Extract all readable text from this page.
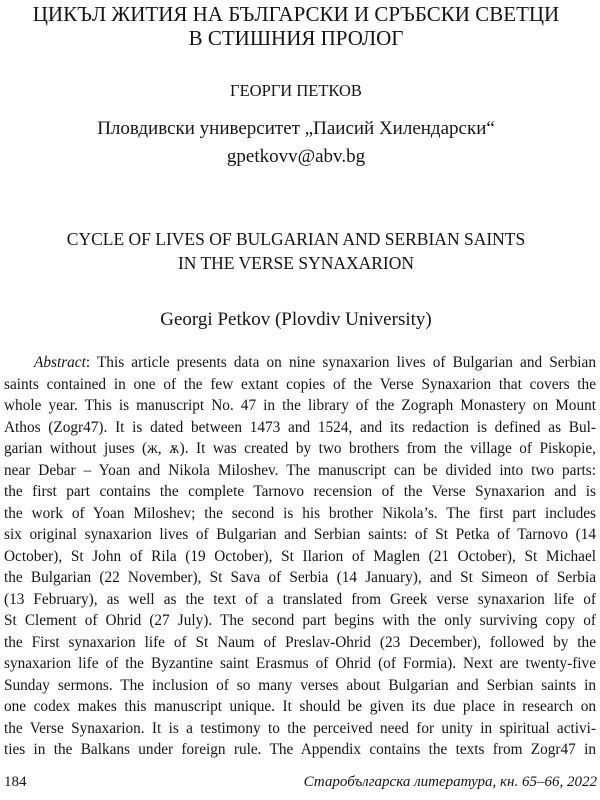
ЦИКЪЛ ЖИТИЯ НА БЪЛГАРСКИ И СРЪБСКИ СВЕТЦИ
В СТИШНИЯ ПРОЛОГ
ГЕОРГИ ПЕТКОВ
Пловдивски университет „Паисий Хилендарски“
gpetkovv@abv.bg
CYCLE OF LIVES OF BULGARIAN AND SERBIAN SAINTS
IN THE VERSE SYNAXARION
Georgi Petkov (Plovdiv University)
Abstract: This article presents data on nine synaxarion lives of Bulgarian and Serbian
saints contained in one of the few extant copies of the Verse Synaxarion that covers the
whole year. This is manuscript No. 47 in the library of the Zograph Monastery on Mount
Athos (Zogr47). It is dated between 1473 and 1524, and its redaction is defined as Bul-
garian without juses (ж, ѫ). It was created by two brothers from the village of Piskopie,
near Debar – Yoan and Nikola Miloshev. The manuscript can be divided into two parts:
the first part contains the complete Tarnovo recension of the Verse Synaxarion and is
the work of Yoan Miloshev; the second is his brother Nikola’s. The first part includes
six original synaxarion lives of Bulgarian and Serbian saints: of St Petka of Tarnovo (14
October), St John of Rila (19 October), St Ilarion of Maglen (21 October), St Michael
the Bulgarian (22 November), St Sava of Serbia (14 January), and St Simeon of Serbia
(13 February), as well as the text of a translated from Greek verse synaxarion life of
St Clement of Ohrid (27 July). The second part begins with the only surviving copy of
the First synaxarion life of St Naum of Preslav-Ohrid (23 December), followed by the
synaxarion life of the Byzantine saint Erasmus of Ohrid (of Formia). Next are twenty-five
Sunday sermons. The inclusion of so many verses about Bulgarian and Serbian saints in
one codex makes this manuscript unique. It should be given its due place in research on
the Verse Synaxarion. It is a testimony to the perceived need for unity in spiritual activi-
ties in the Balkans under foreign rule. The Appendix contains the texts from Zogr47 in
184	Старобългарска литература, кн. 65–66, 2022
